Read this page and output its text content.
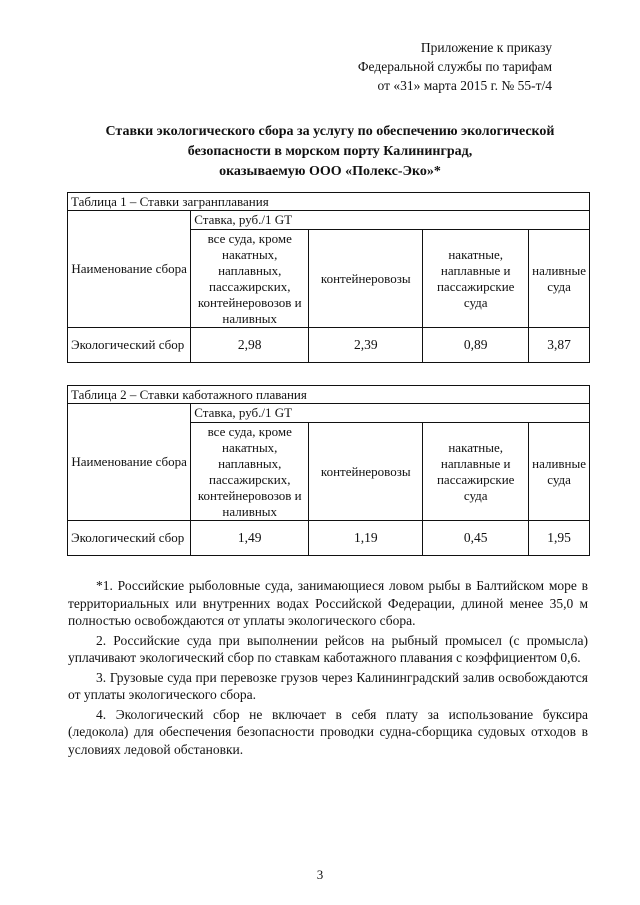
Приложение к приказу
Федеральной службы по тарифам
от «31» марта 2015 г. № 55-т/4
Ставки экологического сбора за услугу по обеспечению экологической
безопасности в морском порту Калининград,
оказываемую ООО «Полекс-Эко»*
Таблица 1 – Ставки загранплавания				
Наименование сбора	Ставка, руб./1 GT			
	все суда, кроме накатных, наплавных, пассажирских, контейнеровозов и наливных	контейнеровозы	накатные, наплавные и пассажирские суда	наливные суда
Экологический сбор	2,98	2,39	0,89	3,87
Таблица 2 – Ставки каботажного плавания				
Наименование сбора	Ставка, руб./1 GT			
	все суда, кроме накатных, наплавных, пассажирских, контейнеровозов и наливных	контейнеровозы	накатные, наплавные и пассажирские суда	наливные суда
Экологический сбор	1,49	1,19	0,45	1,95

*1. Российские рыболовные суда, занимающиеся ловом рыбы в Балтийском море в территориальных или внутренних водах Российской Федерации, длиной менее 35,0 м полностью освобождаются от уплаты экологического сбора.

2. Российские суда при выполнении рейсов на рыбный промысел (с промысла) уплачивают экологический сбор по ставкам каботажного плавания с коэффициентом 0,6.

3. Грузовые суда при перевозке грузов через Калининградский залив освобождаются от уплаты экологического сбора.

4. Экологический сбор не включает в себя плату за использование буксира (ледокола) для обеспечения безопасности проводки судна-сборщика судовых отходов в условиях ледовой обстановки.

3
